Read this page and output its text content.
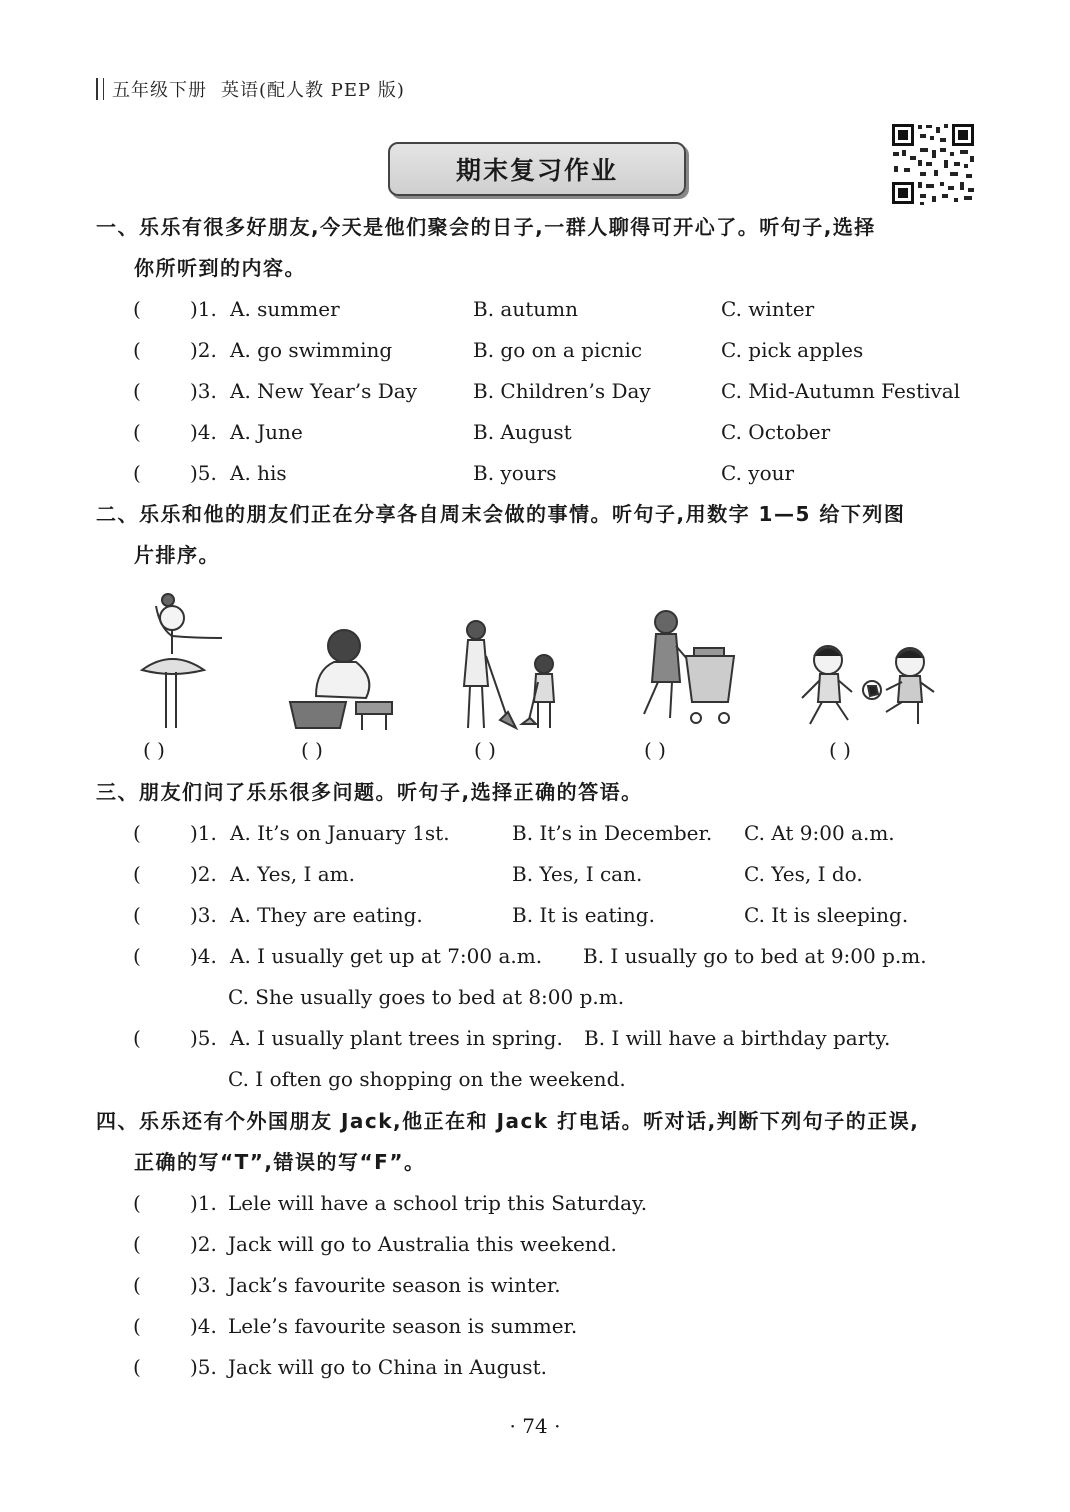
五年级下册 英语(配人教 PEP 版)
期末复习作业
一、乐乐有很多好朋友,今天是他们聚会的日子,一群人聊得可开心了。听句子,选择
你所听到的内容。
( )1. A. summer	B. autumn	C. winter
( )2. A. go swimming	B. go on a picnic	C. pick apples
( )3. A. New Year’s Day	B. Children’s Day	C. Mid-Autumn Festival
( )4. A. June	B. August	C. October
( )5. A. his	B. yours	C. your
二、乐乐和他的朋友们正在分享各自周末会做的事情。听句子,用数字 1—5 给下列图
片排序。
( )	( )	( )	( )	( )
三、朋友们问了乐乐很多问题。听句子,选择正确的答语。
( )1. A. It’s on January 1st.	B. It’s in December. C. At 9:00 a.m.
( )2. A. Yes, I am.	B. Yes, I can.	C. Yes, I do.
( )3. A. They are eating.	B. It is eating.	C. It is sleeping.
( )4. A. I usually get up at 7:00 a.m. B. I usually go to bed at 9:00 p.m.
C. She usually goes to bed at 8:00 p.m.
( )5. A. I usually plant trees in spring. B. I will have a birthday party.
C. I often go shopping on the weekend.
四、乐乐还有个外国朋友 Jack,他正在和 Jack 打电话。听对话,判断下列句子的正误,
正确的写“T”,错误的写“F”。
( )1. Lele will have a school trip this Saturday.
( )2. Jack will go to Australia this weekend.
( )3. Jack’s favourite season is winter.
( )4. Lele’s favourite season is summer.
( )5. Jack will go to China in August.
· 74 ·
